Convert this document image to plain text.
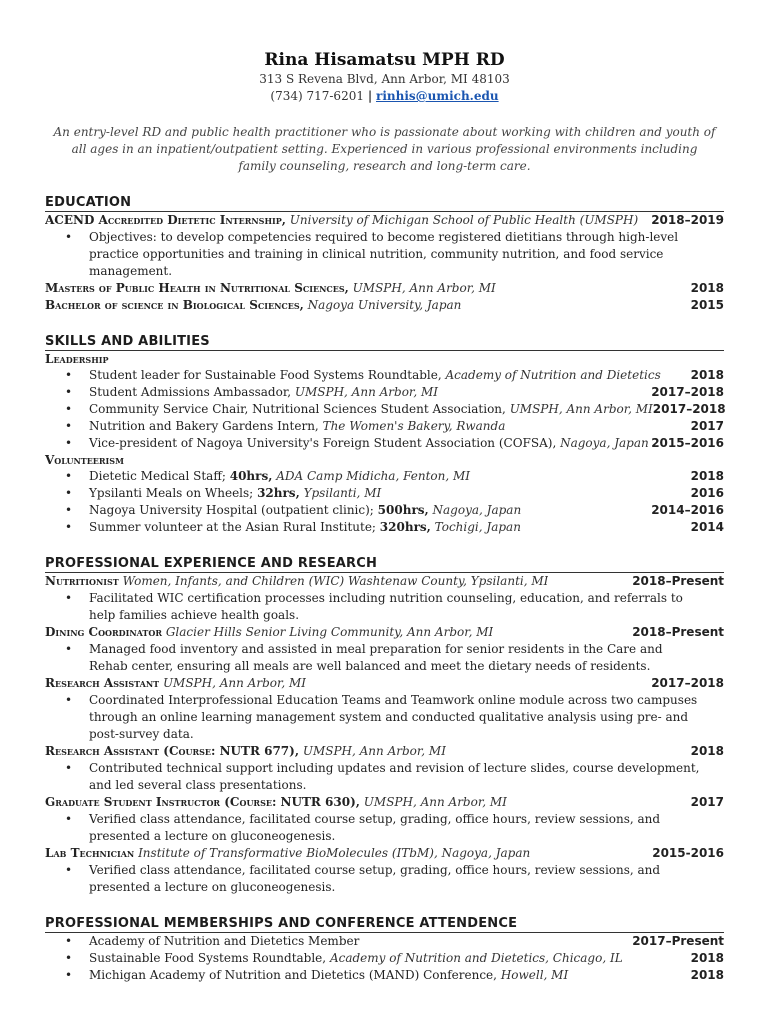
Rina Hisamatsu MPH RD
313 S Revena Blvd, Ann Arbor, MI 48103
(734) 717-6201 | rinhis@umich.edu
An entry-level RD and public health practitioner who is passionate about working with children and youth of all ages in an inpatient/outpatient setting. Experienced in various professional environments including family counseling, research and long-term care.
EDUCATION
ACEND Accredited Dietetic Internship, University of Michigan School of Public Health (UMSPH) 2018–2019
• Objectives: to develop competencies required to become registered dietitians through high-level practice opportunities and training in clinical nutrition, community nutrition, and food service management.
Masters of Public Health in Nutritional Sciences, UMSPH, Ann Arbor, MI	2018
Bachelor of science in Biological Sciences, Nagoya University, Japan	2015
SKILLS AND ABILITIES
Leadership
• Student leader for Sustainable Food Systems Roundtable, Academy of Nutrition and Dietetics 2018
• Student Admissions Ambassador, UMSPH, Ann Arbor, MI	2017–2018
• Community Service Chair, Nutritional Sciences Student Association, UMSPH, Ann Arbor, MI 2017–2018
• Nutrition and Bakery Gardens Intern, The Women's Bakery, Rwanda	2017
• Vice-president of Nagoya University's Foreign Student Association (COFSA), Nagoya, Japan 2015–2016
Volunteerism
• Dietetic Medical Staff; 40hrs, ADA Camp Midicha, Fenton, MI	2018
• Ypsilanti Meals on Wheels; 32hrs, Ypsilanti, MI	2016
• Nagoya University Hospital (outpatient clinic); 500hrs, Nagoya, Japan	2014–2016
• Summer volunteer at the Asian Rural Institute; 320hrs, Tochigi, Japan	2014
PROFESSIONAL EXPERIENCE AND RESEARCH
Nutritionist Women, Infants, and Children (WIC) Washtenaw County, Ypsilanti, MI	2018–Present
• Facilitated WIC certification processes including nutrition counseling, education, and referrals to help families achieve health goals.
Dining Coordinator Glacier Hills Senior Living Community, Ann Arbor, MI	2018–Present
• Managed food inventory and assisted in meal preparation for senior residents in the Care and Rehab center, ensuring all meals are well balanced and meet the dietary needs of residents.
Research Assistant UMSPH, Ann Arbor, MI	2017–2018
• Coordinated Interprofessional Education Teams and Teamwork online module across two campuses through an online learning management system and conducted qualitative analysis using pre- and post-survey data.
Research Assistant (Course: NUTR 677), UMSPH, Ann Arbor, MI	2018
• Contributed technical support including updates and revision of lecture slides, course development, and led several class presentations.
Graduate Student Instructor (Course: NUTR 630), UMSPH, Ann Arbor, MI	2017
• Verified class attendance, facilitated course setup, grading, office hours, review sessions, and presented a lecture on gluconeogenesis.
Lab Technician Institute of Transformative BioMolecules (ITbM), Nagoya, Japan	2015-2016
• Verified class attendance, facilitated course setup, grading, office hours, review sessions, and presented a lecture on gluconeogenesis.
PROFESSIONAL MEMBERSHIPS AND CONFERENCE ATTENDENCE
• Academy of Nutrition and Dietetics Member	2017–Present
• Sustainable Food Systems Roundtable, Academy of Nutrition and Dietetics, Chicago, IL	2018
• Michigan Academy of Nutrition and Dietetics (MAND) Conference, Howell, MI	2018
